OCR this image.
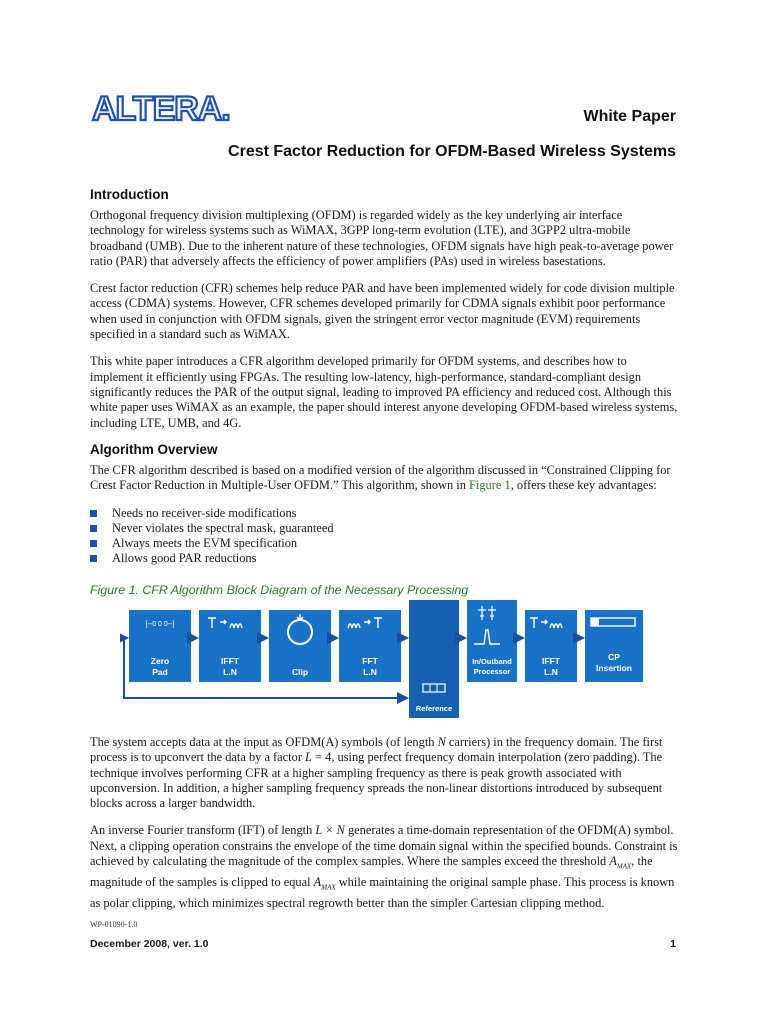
ALTERA.	White Paper
Crest Factor Reduction for OFDM-Based Wireless Systems
Introduction

Orthogonal frequency division multiplexing (OFDM) is regarded widely as the key underlying air interface technology for wireless systems such as WiMAX, 3GPP long-term evolution (LTE), and 3GPP2 ultra-mobile broadband (UMB). Due to the inherent nature of these technologies, OFDM signals have high peak-to-average power ratio (PAR) that adversely affects the efficiency of power amplifiers (PAs) used in wireless basestations.

Crest factor reduction (CFR) schemes help reduce PAR and have been implemented widely for code division multiple access (CDMA) systems. However, CFR schemes developed primarily for CDMA signals exhibit poor performance when used in conjunction with OFDM signals, given the stringent error vector magnitude (EVM) requirements specified in a standard such as WiMAX.

This white paper introduces a CFR algorithm developed primarily for OFDM systems, and describes how to implement it efficiently using FPGAs. The resulting low-latency, high-performance, standard-compliant design significantly reduces the PAR of the output signal, leading to improved PA efficiency and reduced cost. Although this white paper uses WiMAX as an example, the paper should interest anyone developing OFDM-based wireless systems, including LTE, UMB, and 4G.

Algorithm Overview

The CFR algorithm described is based on a modified version of the algorithm discussed in “Constrained Clipping for Crest Factor Reduction in Multiple-User OFDM.” This algorithm, shown in Figure 1, offers these key advantages:

Needs no receiver-side modifications
Never violates the spectral mask, guaranteed
Always meets the EVM specification
Allows good PAR reductions
Figure 1. CFR Algorithm Block Diagram of the Necessary Processing
[--0 0 0--]
Zero
Pad
IFFT
L.N	Clip
FFT
L.N
Reference
In/Outband
Processor
IFFT
L.N
CP
Insertion

The system accepts data at the input as OFDM(A) symbols (of length N carriers) in the frequency domain. The first process is to upconvert the data by a factor L = 4, using perfect frequency domain interpolation (zero padding). The technique involves performing CFR at a higher sampling frequency as there is peak growth associated with upconversion. In addition, a higher sampling frequency spreads the non-linear distortions introduced by subsequent blocks across a larger bandwidth.

An inverse Fourier transform (IFT) of length L × N generates a time-domain representation of the OFDM(A) symbol. Next, a clipping operation constrains the envelope of the time domain signal within the specified bounds. Constraint is achieved by calculating the magnitude of the complex samples. Where the samples exceed the threshold $A_{MAX}$, the magnitude of the samples is clipped to equal $A_{MAX}$ while maintaining the original sample phase. This process is known as polar clipping, which minimizes spectral regrowth better than the simpler Cartesian clipping method.

WP-01090-1.0
December 2008, ver. 1.0	1
